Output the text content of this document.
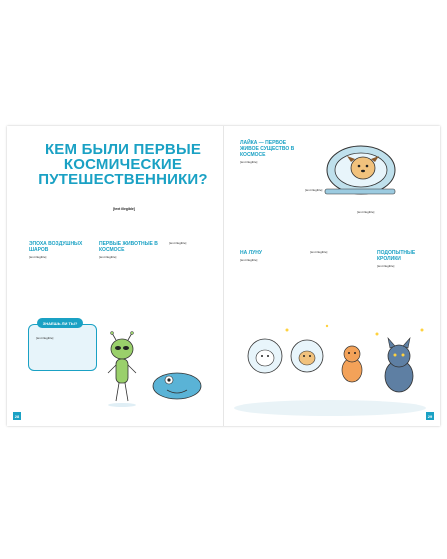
КЕМ БЫЛИ ПЕРВЫЕ
КОСМИЧЕСКИЕ
ПУТЕШЕСТВЕННИКИ?
[text illegible]
ЭПОХА ВОЗДУШНЫХ ШАРОВ

[text illegible]

ПЕРВЫЕ ЖИВОТНЫЕ В КОСМОСЕ

[text illegible]

[text illegible]

ЗНАЕШЬ ЛИ ТЫ?
[text illegible]
28
ЛАЙКА — ПЕРВОЕ ЖИВОЕ СУЩЕСТВО В КОСМОСЕ

[text illegible]

[text illegible]

[text illegible]

НА ЛУНУ

[text illegible]

[text illegible]	ПОДОПЫТНЫЕ КРОЛИКИ

[text illegible]

29
